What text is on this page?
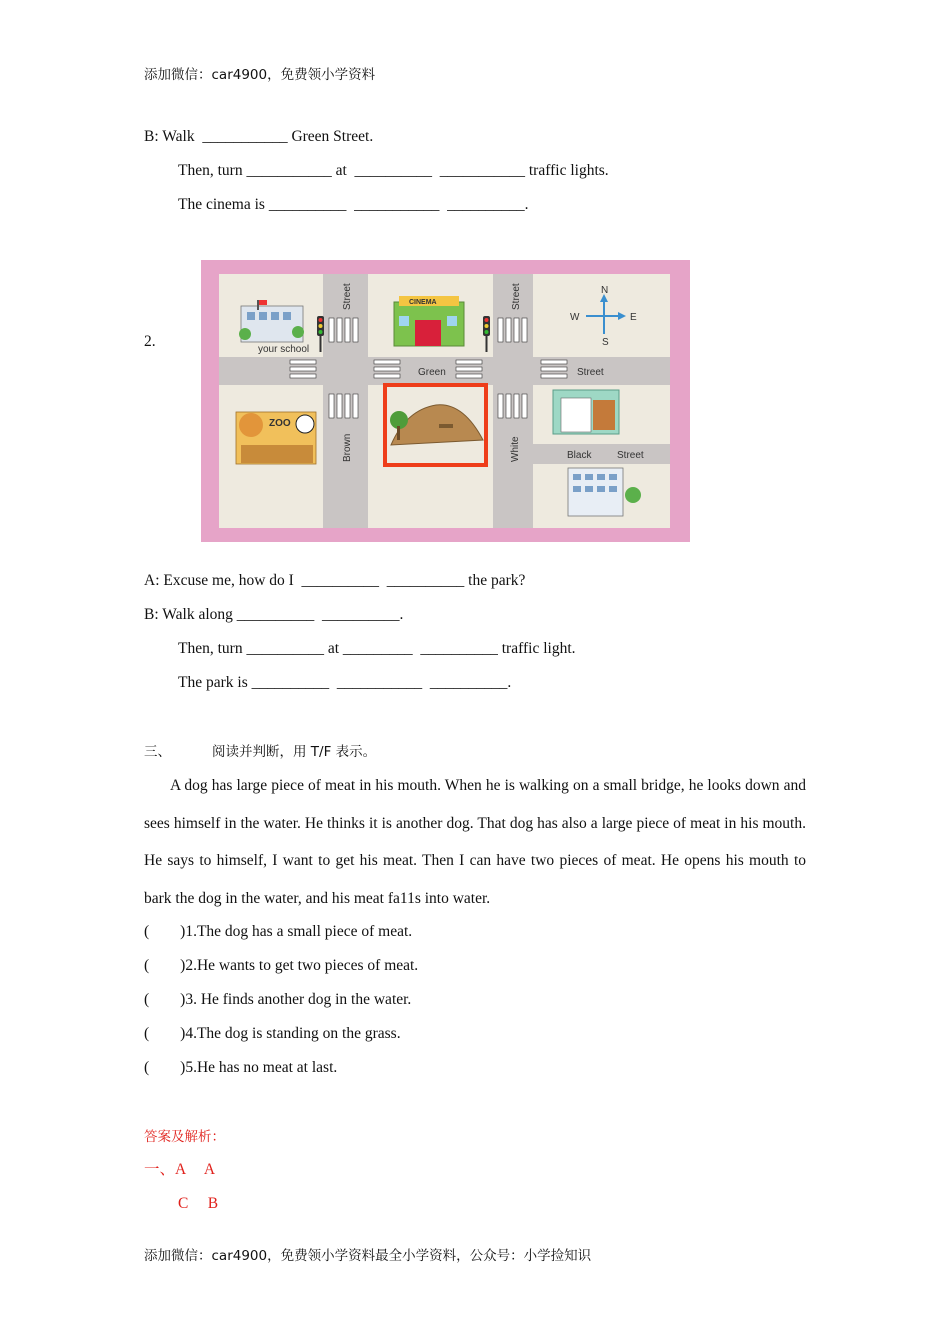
添加微信：car4900，免费领小学资料
B: Walk  ___________ Green Street.
Then, turn ___________ at  __________  ___________ traffic lights.
The cinema is __________  ___________  __________.
2.	your school
CINEMA
ZOO
N
S
W	E
Street	Street
Green	Street
Brown	White	Black	Street
A: Excuse me, how do I  __________  __________ the park?
B: Walk along __________  __________.
Then, turn __________ at _________  __________ traffic light.
The park is __________  ___________  __________.
三、	阅读并判断，用 T/F 表示。
A dog has large piece of meat in his mouth. When he is walking on a small bridge, he looks down and sees himself in the water. He thinks it is another dog. That dog has also a large piece of meat in his mouth. He says to himself, I want to get his meat. Then I can have two pieces of meat. He opens his mouth to bark the dog in the water, and his meat fa11s into water.
(        )1.The dog has a small piece of meat.
(        )2.He wants to get two pieces of meat.
(        )3. He finds another dog in the water.
(        )4.The dog is standing on the grass.
(        )5.He has no meat at last.
答案及解析：
一、A     A
C     B
添加微信：car4900，免费领小学资料最全小学资料，公众号：小学捡知识
